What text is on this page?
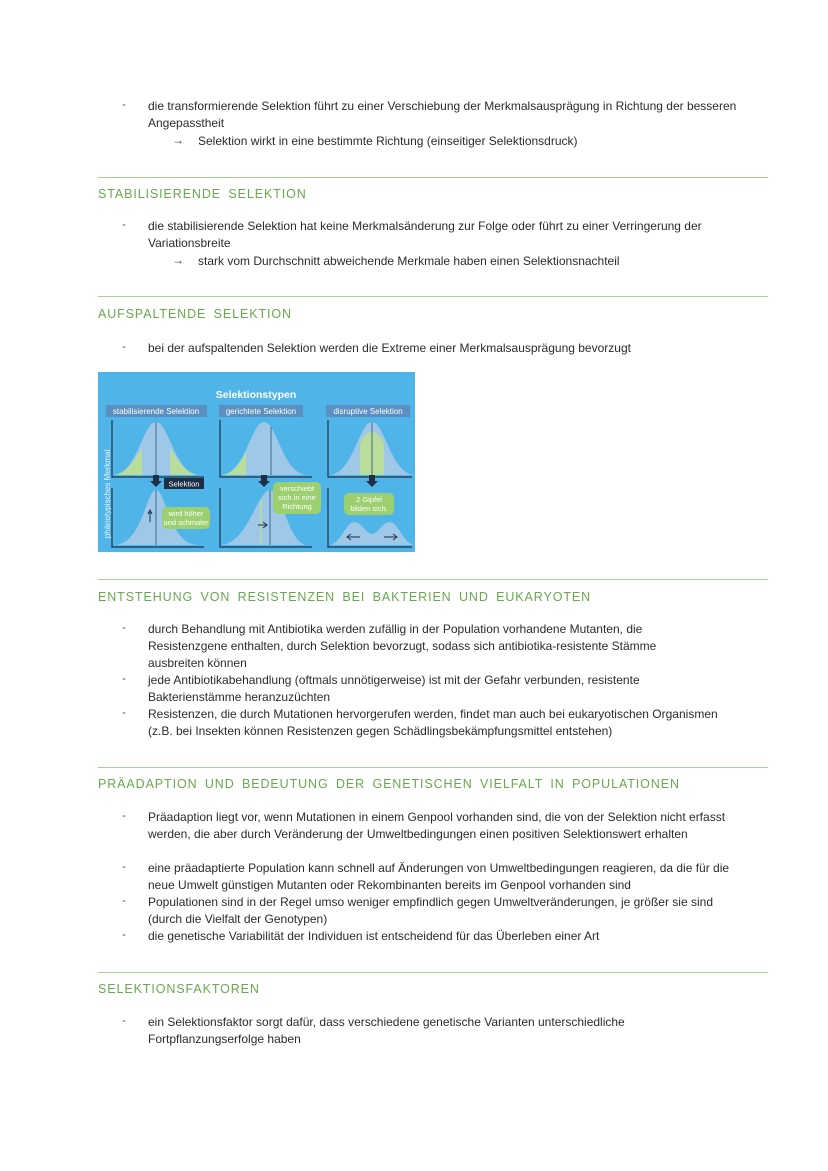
- die transformierende Selektion führt zu einer Verschiebung der Merkmalsausprägung in Richtung der besseren Angepasstheit
→ Selektion wirkt in eine bestimmte Richtung (einseitiger Selektionsdruck)
STABILISIERENDE SELEKTION
- die stabilisierende Selektion hat keine Merkmalsänderung zur Folge oder führt zu einer Verringerung der Variationsbreite
→ stark vom Durchschnitt abweichende Merkmale haben einen Selektionsnachteil
AUFSPALTENDE SELEKTION
- bei der aufspaltenden Selektion werden die Extreme einer Merkmalsausprägung bevorzugt
Selektionstypen
phänotypisches Merkmal
stabilisierende Selektion	gerichtete Selektion	disruptive Selektion
Selektion
wird höher
und schmaler
verschiebt
sich in eine
Richtung
2 Gipfel
bilden sich.
ENTSTEHUNG VON RESISTENZEN BEI BAKTERIEN UND EUKARYOTEN
- durch Behandlung mit Antibiotika werden zufällig in der Population vorhandene Mutanten, die Resistenzgene enthalten, durch Selektion bevorzugt, sodass sich antibiotika-resistente Stämme ausbreiten können
- jede Antibiotikabehandlung (oftmals unnötigerweise) ist mit der Gefahr verbunden, resistente Bakterienstämme heranzuzüchten
- Resistenzen, die durch Mutationen hervorgerufen werden, findet man auch bei eukaryotischen Organismen (z.B. bei Insekten können Resistenzen gegen Schädlingsbekämpfungsmittel entstehen)
PRÄADAPTION UND BEDEUTUNG DER GENETISCHEN VIELFALT IN POPULATIONEN
- Präadaption liegt vor, wenn Mutationen in einem Genpool vorhanden sind, die von der Selektion nicht erfasst werden, die aber durch Veränderung der Umweltbedingungen einen positiven Selektionswert erhalten
- eine präadaptierte Population kann schnell auf Änderungen von Umweltbedingungen reagieren, da die für die neue Umwelt günstigen Mutanten oder Rekombinanten bereits im Genpool vorhanden sind
- Populationen sind in der Regel umso weniger empfindlich gegen Umweltveränderungen, je größer sie sind (durch die Vielfalt der Genotypen)
- die genetische Variabilität der Individuen ist entscheidend für das Überleben einer Art
SELEKTIONSFAKTOREN
- ein Selektionsfaktor sorgt dafür, dass verschiedene genetische Varianten unterschiedliche Fortpflanzungserfolge haben
